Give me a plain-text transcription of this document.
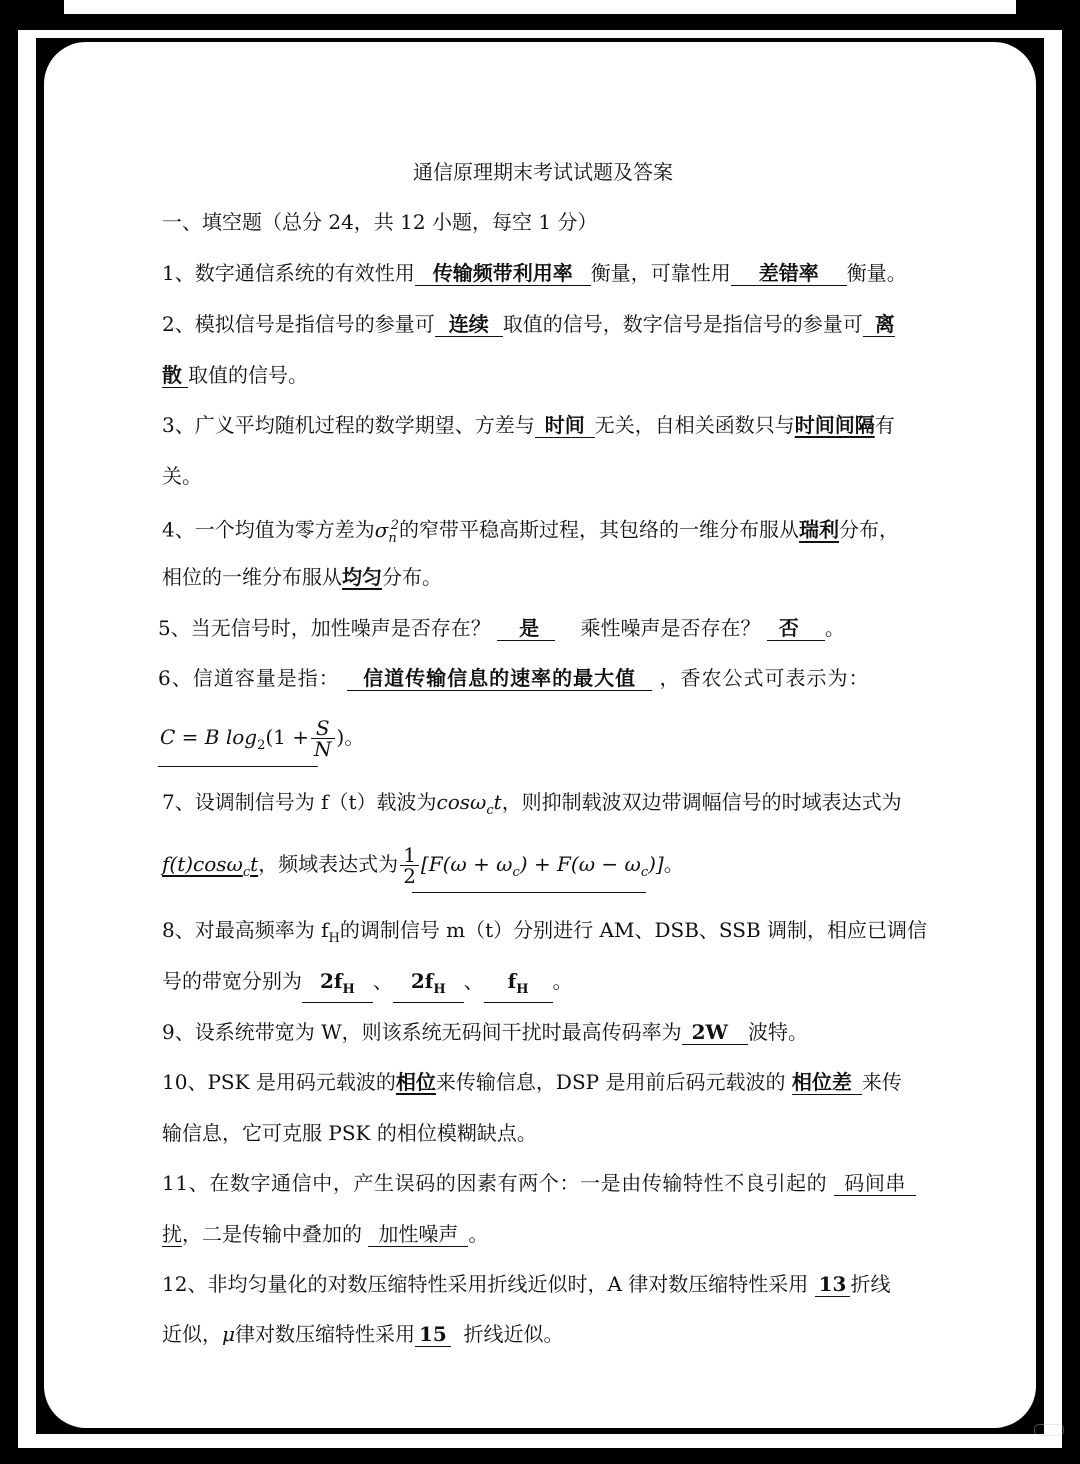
通信原理期末考试试题及答案
一、填空题（总分 24，共 12 小题，每空 1 分）
1、数字通信系统的有效性用 传输频带利用率 衡量，可靠性用 差错率 衡量。
2、模拟信号是指信号的参量可 连续 取值的信号，数字信号是指信号的参量可 离
散 取值的信号。
3、广义平均随机过程的数学期望、方差与 时间 无关，自相关函数只与时间间隔有
关。
4、一个均值为零方差为$\sigma_n^2$的窄带平稳高斯过程，其包络的一维分布服从瑞利分布，
相位的一维分布服从均匀分布。
5、当无信号时，加性噪声是否存在？ 是 乘性噪声是否存在？ 否 。
6、信道容量是指： 信道传输信息的速率的最大值 ，香农公式可表示为：
C = B $\log_2(1 + \frac{S}{N}$ )。
7、设调制信号为 f（t）载波为cosω$_c$t，则抑制载波双边带调幅信号的时域表达式为
f(t)cosω$_c$t，频域表达式为 $\frac{1}{2} [F(\omega + \omega_c) + F(\omega - \omega_c)]$。
8、对最高频率为 $f_H$的调制信号 m（t）分别进行 AM、DSB、SSB 调制，相应已调信
号的带宽分别为 $2f_H$ 、 $2f_H$ 、 $f_H$ 。
9、设系统带宽为 W，则该系统无码间干扰时最高传码率为 2W 波特。
10、PSK 是用码元载波的相位来传输信息，DSP 是用前后码元载波的 相位差 来传
输信息，它可克服 PSK 的相位模糊缺点。
11、在数字通信中，产生误码的因素有两个：一是由传输特性不良引起的 码间串
扰，二是传输中叠加的 加性噪声 。
12、非均匀量化的对数压缩特性采用折线近似时，A 律对数压缩特性采用 13 折线
近似，μ律对数压缩特性采用 15 折线近似。
